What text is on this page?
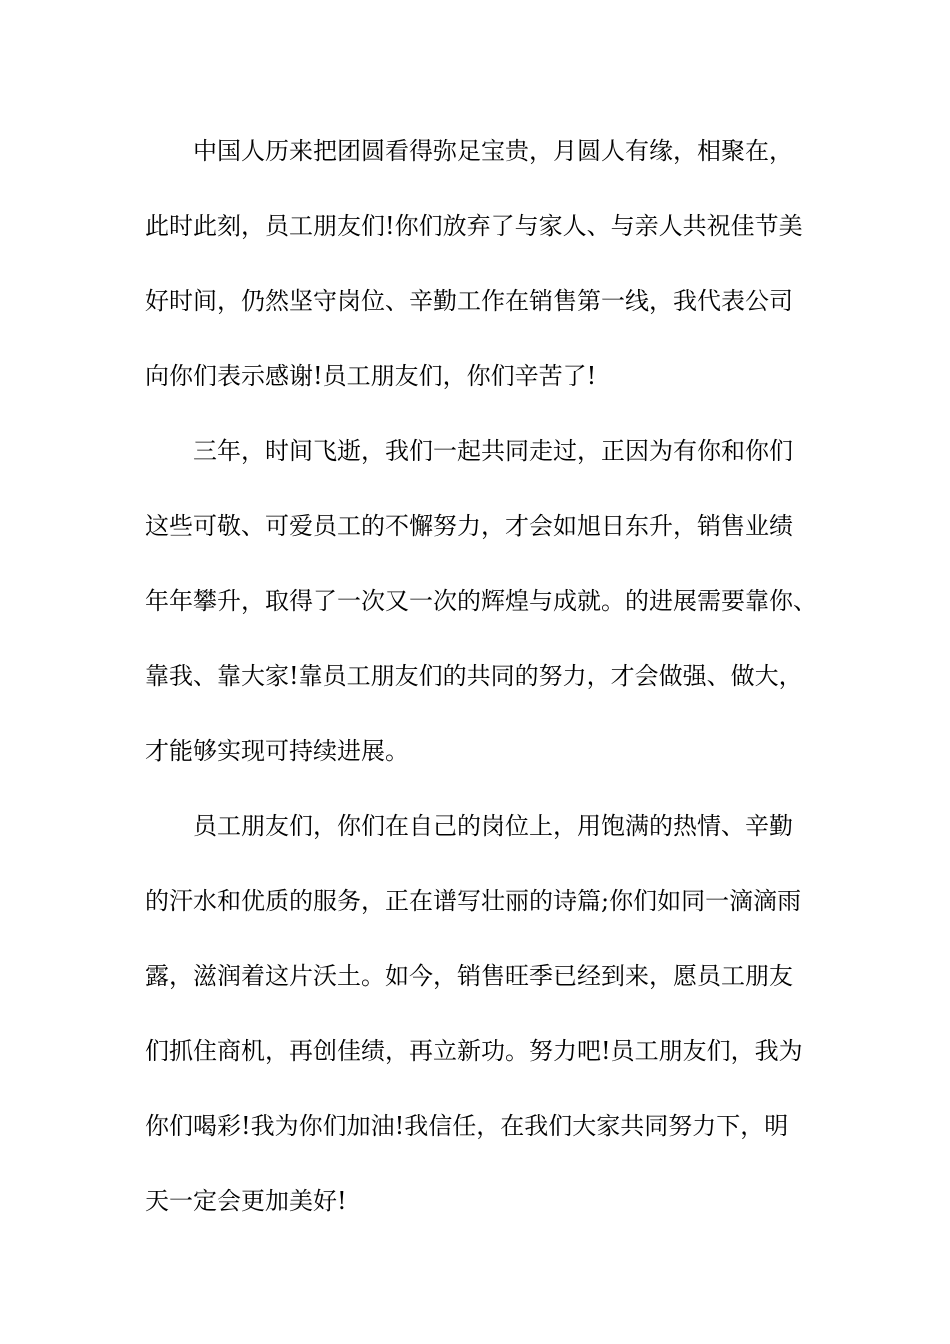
中国人历来把团圆看得弥足宝贵，月圆人有缘，相聚在，
此时此刻，员工朋友们!你们放弃了与家人、与亲人共祝佳节美
好时间，仍然坚守岗位、辛勤工作在销售第一线，我代表公司
向你们表示感谢!员工朋友们，你们辛苦了!
三年，时间飞逝，我们一起共同走过，正因为有你和你们
这些可敬、可爱员工的不懈努力，才会如旭日东升，销售业绩
年年攀升，取得了一次又一次的辉煌与成就。的进展需要靠你、
靠我、靠大家!靠员工朋友们的共同的努力，才会做强、做大，
才能够实现可持续进展。
员工朋友们，你们在自己的岗位上，用饱满的热情、辛勤
的汗水和优质的服务，正在谱写壮丽的诗篇;你们如同一滴滴雨
露，滋润着这片沃土。如今，销售旺季已经到来，愿员工朋友
们抓住商机，再创佳绩，再立新功。努力吧!员工朋友们，我为
你们喝彩!我为你们加油!我信任，在我们大家共同努力下，明
天一定会更加美好!
